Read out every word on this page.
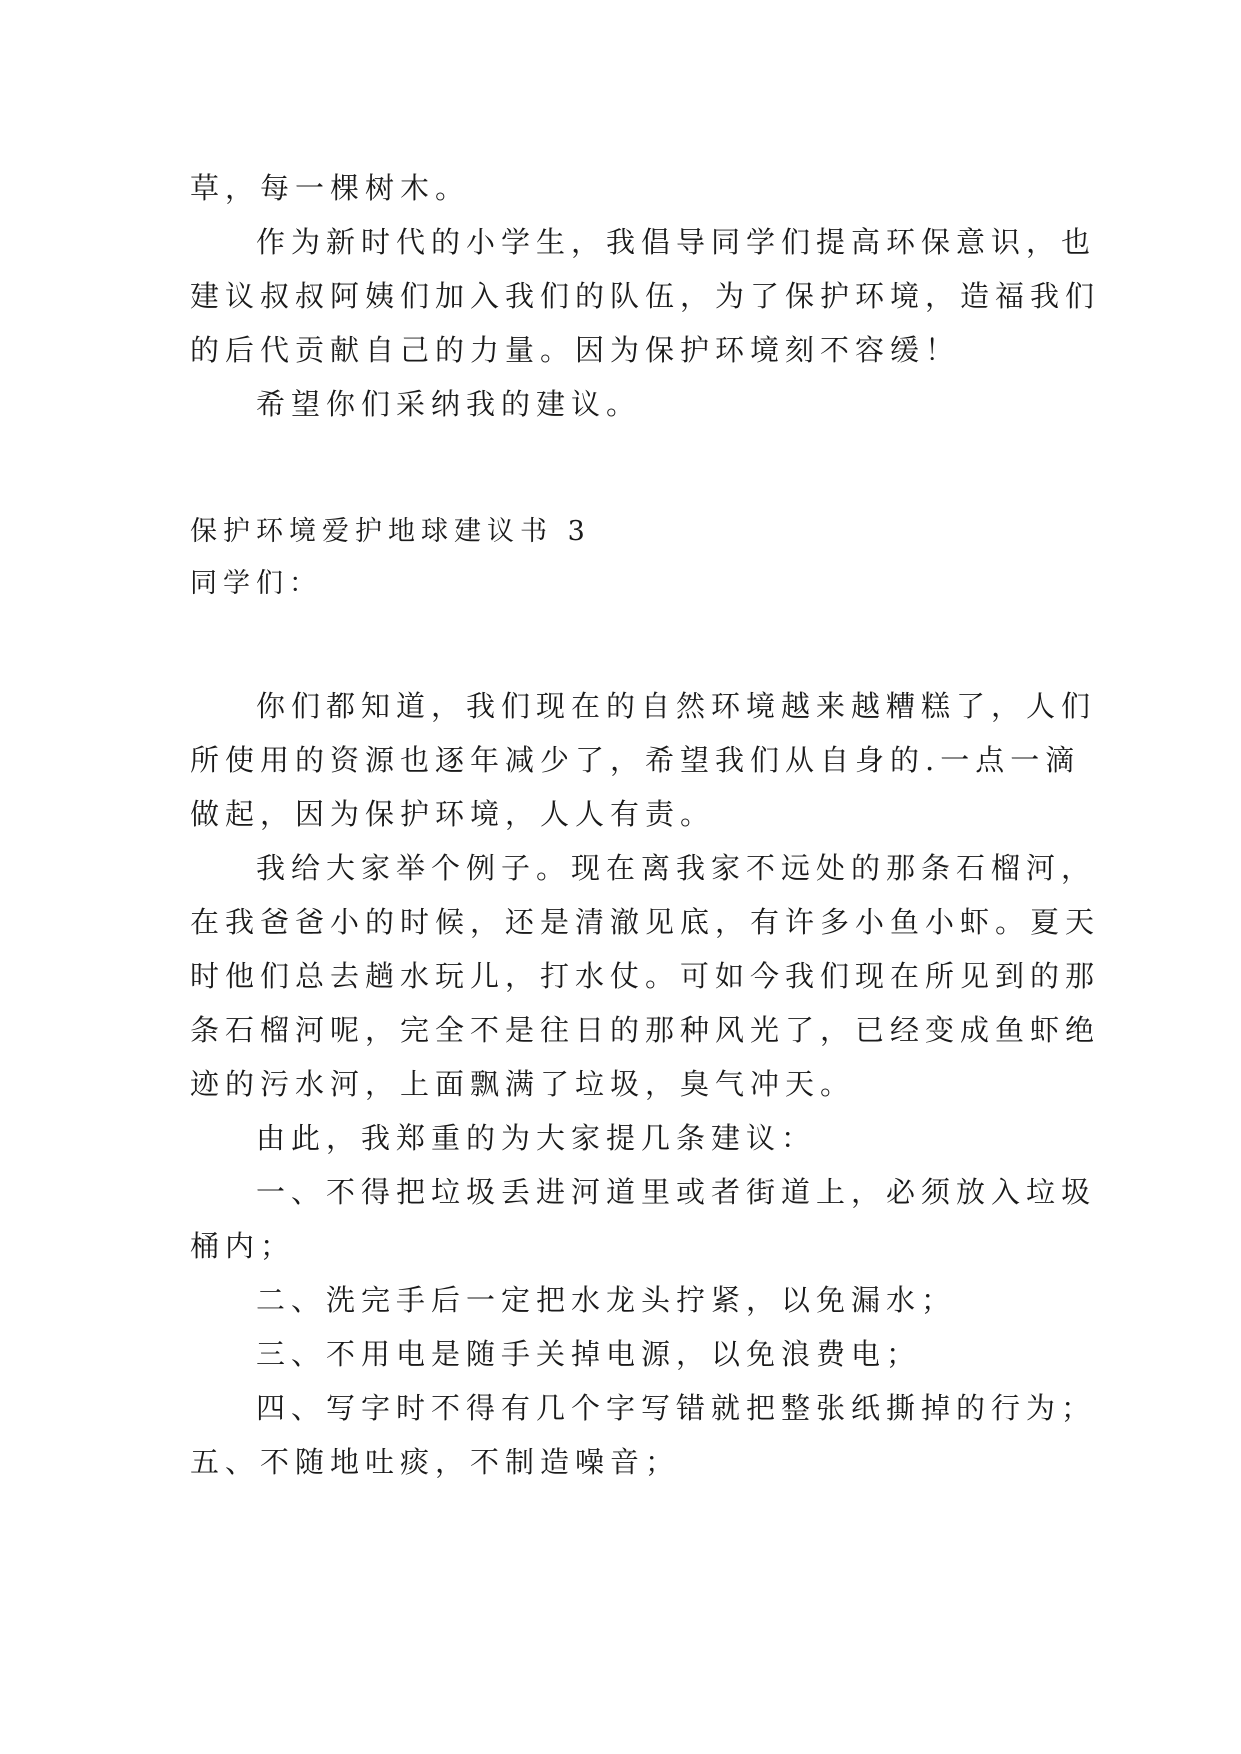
草，每一棵树木。
作为新时代的小学生，我倡导同学们提高环保意识，也
建议叔叔阿姨们加入我们的队伍，为了保护环境，造福我们
的后代贡献自己的力量。因为保护环境刻不容缓！
希望你们采纳我的建议。
保护环境爱护地球建议书 3
同学们：
你们都知道，我们现在的自然环境越来越糟糕了，人们
所使用的资源也逐年减少了，希望我们从自身的.一点一滴
做起，因为保护环境，人人有责。
我给大家举个例子。现在离我家不远处的那条石榴河，
在我爸爸小的时候，还是清澈见底，有许多小鱼小虾。夏天
时他们总去趟水玩儿，打水仗。可如今我们现在所见到的那
条石榴河呢，完全不是往日的那种风光了，已经变成鱼虾绝
迹的污水河，上面飘满了垃圾，臭气冲天。
由此，我郑重的为大家提几条建议：
一、不得把垃圾丢进河道里或者街道上，必须放入垃圾
桶内；
二、洗完手后一定把水龙头拧紧，以免漏水；
三、不用电是随手关掉电源，以免浪费电；
四、写字时不得有几个字写错就把整张纸撕掉的行为；
五、不随地吐痰，不制造噪音；
